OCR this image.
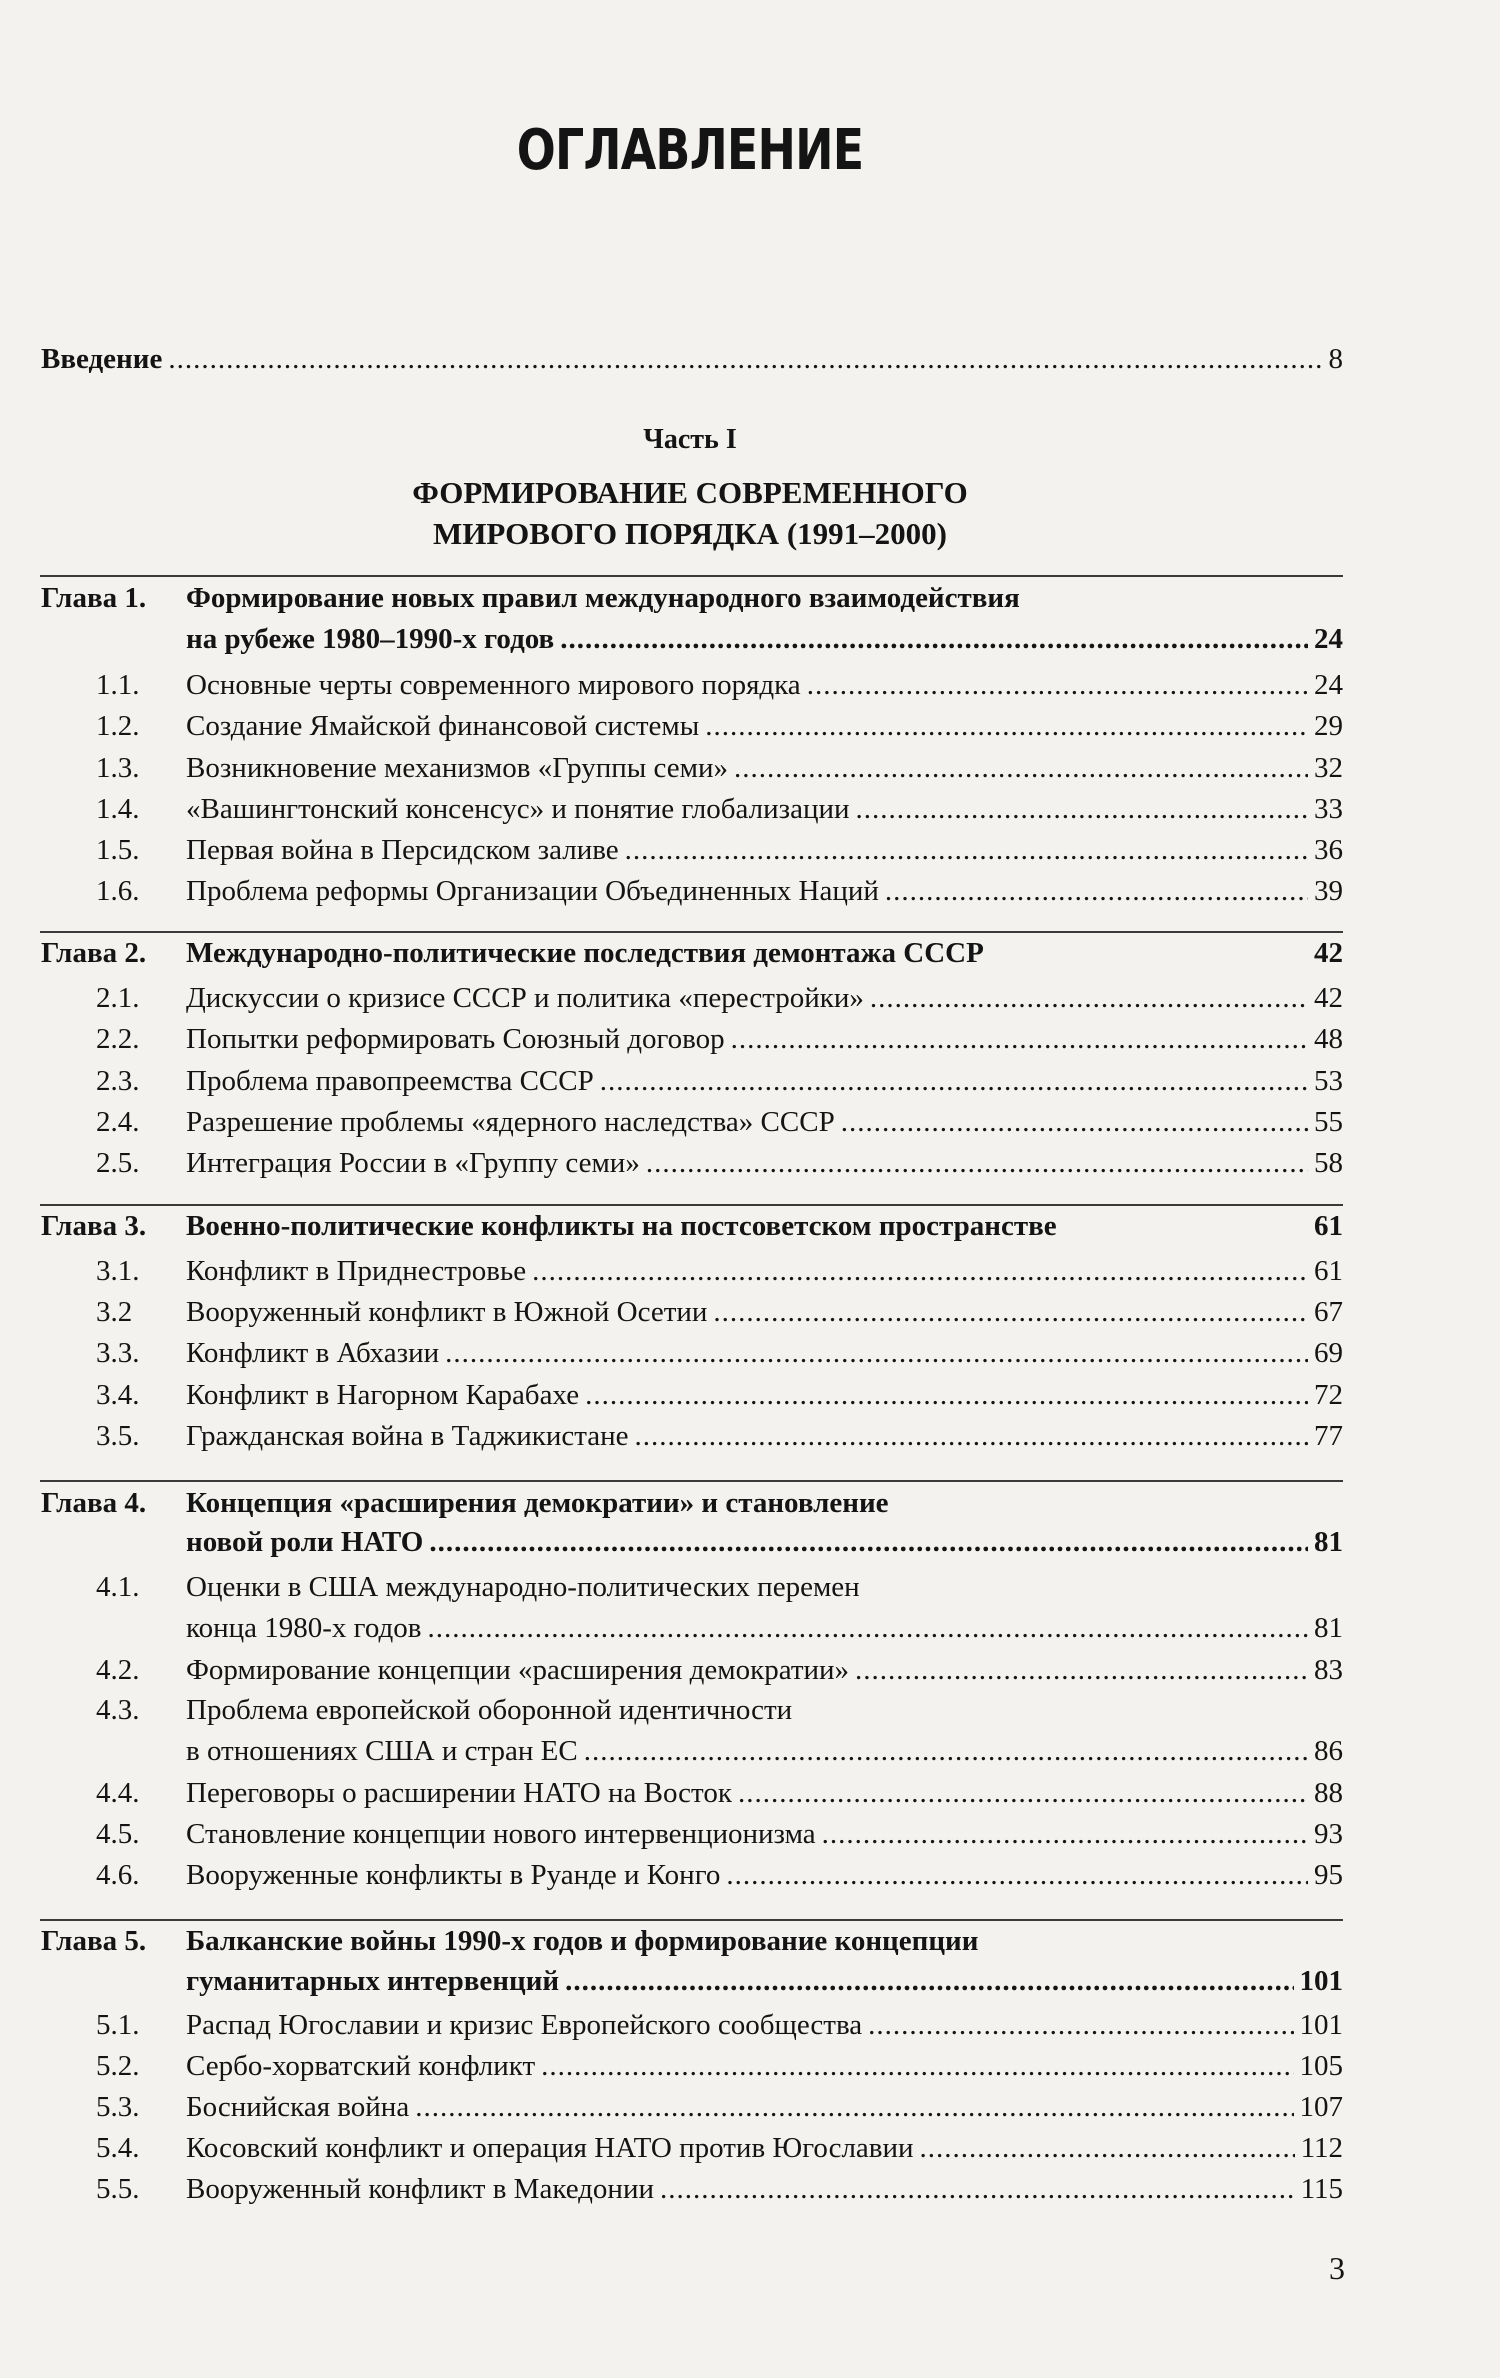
ОГЛАВЛЕНИЕ
Введение .....	8
Часть I
ФОРМИРОВАНИЕ СОВРЕМЕННОГО
МИРОВОГО ПОРЯДКА (1991–2000)
Глава 1. Формирование новых правил международного взаимодействия
на рубеже 1980–1990-х годов .....	24
1.1. Основные черты современного мирового порядка .....	24
1.2. Создание Ямайской финансовой системы .....	29
1.3. Возникновение механизмов «Группы семи» .....	32
1.4. «Вашингтонский консенсус» и понятие глобализации .....	33
1.5. Первая война в Персидском заливе .....	36
1.6. Проблема реформы Организации Объединенных Наций .....	39
Глава 2. Международно-политические последствия демонтажа СССР	42
2.1. Дискуссии о кризисе СССР и политика «перестройки» .....	42
2.2. Попытки реформировать Союзный договор .....	48
2.3. Проблема правопреемства СССР .....	53
2.4. Разрешение проблемы «ядерного наследства» СССР .....	55
2.5. Интеграция России в «Группу семи» .....	58
Глава 3. Военно-политические конфликты на постсоветском пространстве	61
3.1. Конфликт в Приднестровье .....	61
3.2 Вооруженный конфликт в Южной Осетии .....	67
3.3. Конфликт в Абхазии .....	69
3.4. Конфликт в Нагорном Карабахе .....	72
3.5. Гражданская война в Таджикистане .....	77
Глава 4. Концепция «расширения демократии» и становление
новой роли НАТО .....	81
4.1. Оценки в США международно-политических перемен
конца 1980-х годов .....	81
4.2. Формирование концепции «расширения демократии» .....	83
4.3. Проблема европейской оборонной идентичности
в отношениях США и стран ЕС .....	86
4.4. Переговоры о расширении НАТО на Восток .....	88
4.5. Становление концепции нового интервенционизма .....	93
4.6. Вооруженные конфликты в Руанде и Конго .....	95
Глава 5. Балканские войны 1990-х годов и формирование концепции
гуманитарных интервенций .....	101
5.1. Распад Югославии и кризис Европейского сообщества .....	101
5.2. Сербо-хорватский конфликт .....	105
5.3. Боснийская война .....	107
5.4. Косовский конфликт и операция НАТО против Югославии .....	112
5.5. Вооруженный конфликт в Македонии .....	115
3
